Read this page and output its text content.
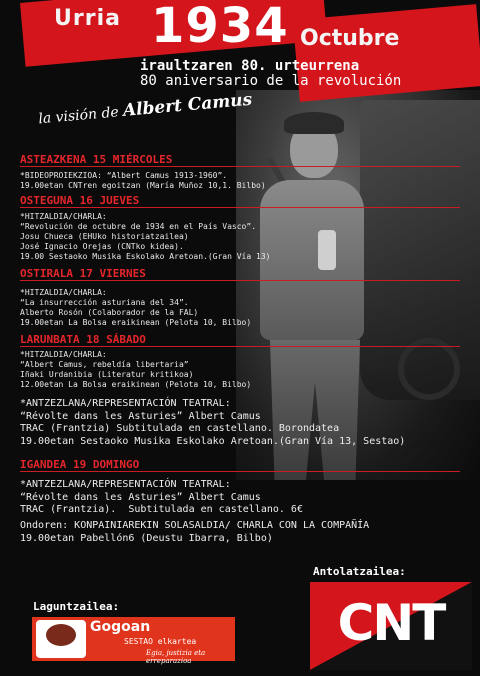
Urria 1934 Octubre
iraultzaren 80. urteurrena
80 aniversario de la revolución
la visión de Albert Camus
ASTEAZKENA 15 MIÉRCOLES
*BIDEOPROIEKZIOA: “Albert Camus 1913-1960”.
19.00etan CNTren egoitzan (María Muñoz 10,1. Bilbo)
OSTEGUNA 16 JUEVES
*HITZALDIA/CHARLA:
“Revolución de octubre de 1934 en el País Vasco”.
Josu Chueca (EHUko historiatzailea)
José Ignacio Orejas (CNTko kidea).
19.00 Sestaoko Musika Eskolako Aretoan.(Gran Vía 13)
OSTIRALA 17 VIERNES
*HITZALDIA/CHARLA:
“La insurrección asturiana del 34”.
Alberto Rosón (Colaborador de la FAL)
19.00etan La Bolsa eraikinean (Pelota 10, Bilbo)
LARUNBATA 18 SÁBADO
*HITZALDIA/CHARLA:
“Albert Camus, rebeldía libertaria”
Iñaki Urdanibia (Literatur kritikoa)
12.00etan La Bolsa eraikinean (Pelota 10, Bilbo)
*ANTZEZLANA/REPRESENTACIÓN TEATRAL:
“Révolte dans les Asturies” Albert Camus
TRAC (Frantzia) Subtitulada en castellano. Borondatea
19.00etan Sestaoko Musika Eskolako Aretoan.(Gran Vía 13, Sestao)
IGANDEA 19 DOMINGO
*ANTZEZLANA/REPRESENTACIÓN TEATRAL:
“Révolte dans les Asturies” Albert Camus
TRAC (Frantzia).  Subtitulada en castellano. 6€
Ondoren: KONPAINIAREKIN SOLASALDIA/ CHARLA CON LA COMPAÑÍA
19.00etan Pabellón6 (Deustu Ibarra, Bilbo)
Antolatzailea:
CNT
Laguntzailea:
Gogoan
SESTAO elkartea
Egia, justizia eta erreparazioa
